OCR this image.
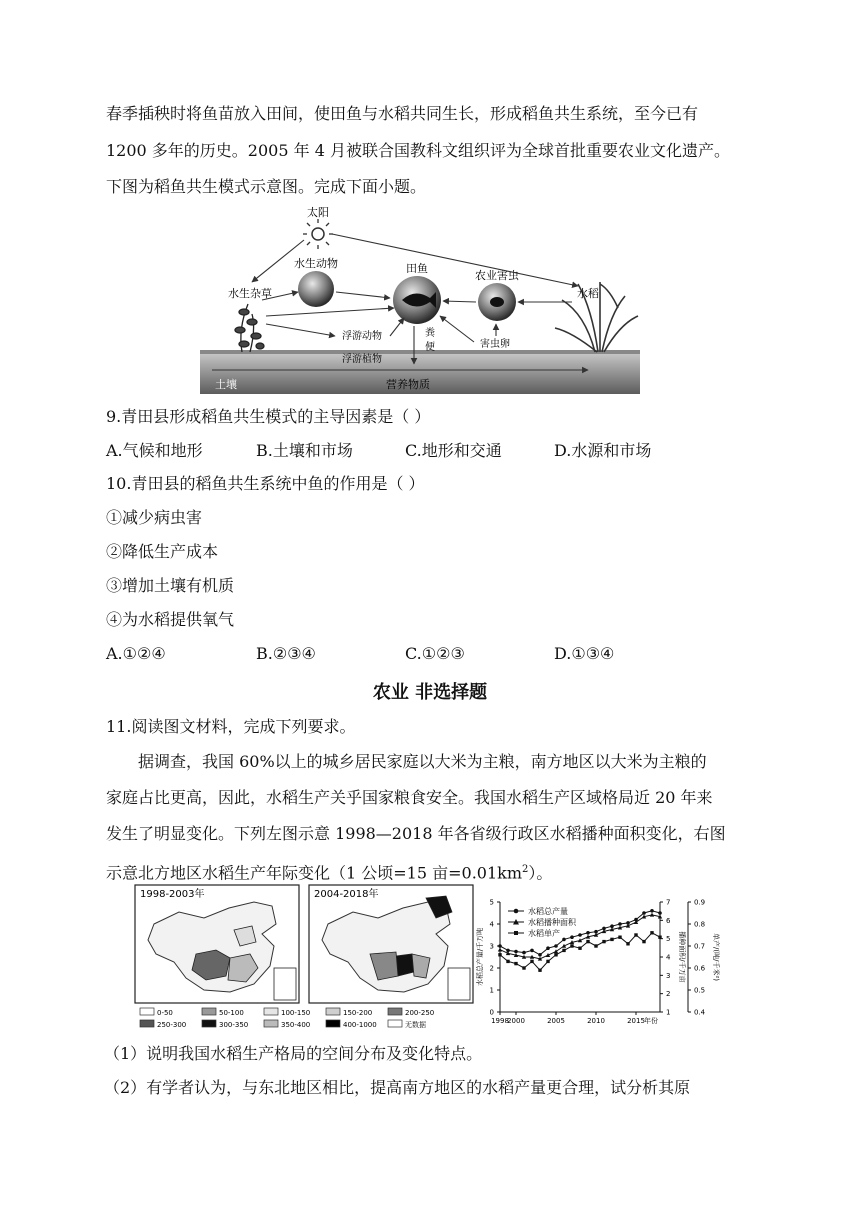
春季插秧时将鱼苗放入田间，使田鱼与水稻共同生长，形成稻鱼共生系统，至今已有
1200 多年的历史。2005 年 4 月被联合国教科文组织评为全球首批重要农业文化遗产。
下图为稻鱼共生模式示意图。完成下面小题。
太阳
水生动物	田鱼
农业害虫
水稻
水生杂草
浮游动物
浮游植物
粪
便	害虫卵
土壤	营养物质
9.青田县形成稻鱼共生模式的主导因素是（ ）
A.气候和地形	B.土壤和市场	C.地形和交通	D.水源和市场
10.青田县的稻鱼共生系统中鱼的作用是（ ）
①减少病虫害
②降低生产成本
③增加土壤有机质
④为水稻提供氧气
A.①②④	B.②③④	C.①②③	D.①③④
农业 非选择题
11.阅读图文材料，完成下列要求。
据调查，我国 60%以上的城乡居民家庭以大米为主粮，南方地区以大米为主粮的
家庭占比更高，因此，水稻生产关乎国家粮食安全。我国水稻生产区域格局近 20 年来
发生了明显变化。下列左图示意 1998—2018 年各省级行政区水稻播种面积变化，右图
示意北方地区水稻生产年际变化（1 公顷=15 亩$=0.01km^2$）。
1998-2003年	2004-2018年
0-50	50-100	100-150	150-200	200-250
250-300	300-350	350-400	400-1000	无数据
0
1
2
3
4
5
1
2
3
4
5
6
7
0.4
0.5
0.6
0.7
0.8
0.9
水稻总产量/千万吨	播种面积/千万亩	单产/(吨/千米²)
1998
2000	2005	2010	2015 年份
水稻总产量
水稻播种面积
水稻单产
（1）说明我国水稻生产格局的空间分布及变化特点。
（2）有学者认为，与东北地区相比，提高南方地区的水稻产量更合理，试分析其原
